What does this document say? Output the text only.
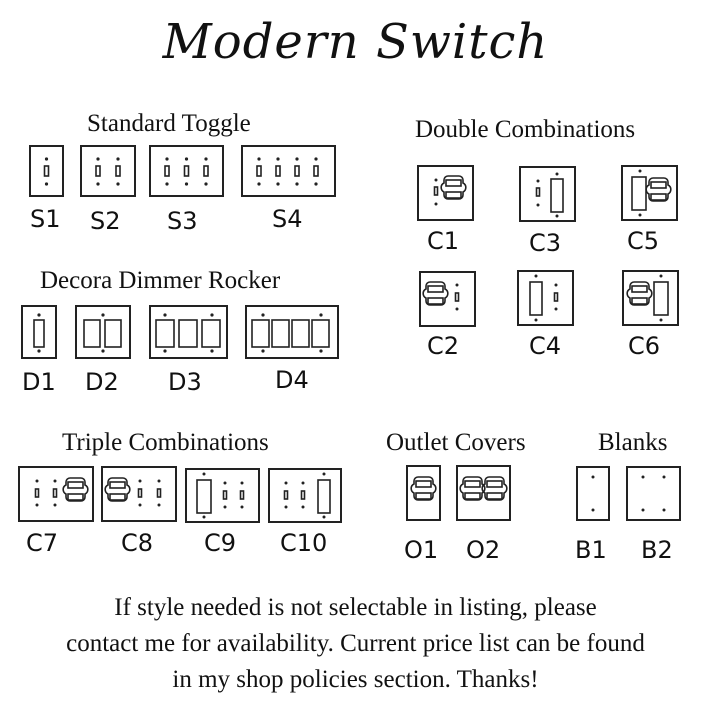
Modern Switch
Standard Toggle
Decora Dimmer Rocker
Double Combinations
Triple Combinations	Outlet Covers	Blanks
S1 S2 S3	S4
D1 D2 D3	D4
C1	C3	C5
C2	C4	C6
C7	C8 C9 C10	O1 O2	B1 B2
If style needed is not selectable in listing, please
contact me for availability. Current price list can be found
in my shop policies section. Thanks!
